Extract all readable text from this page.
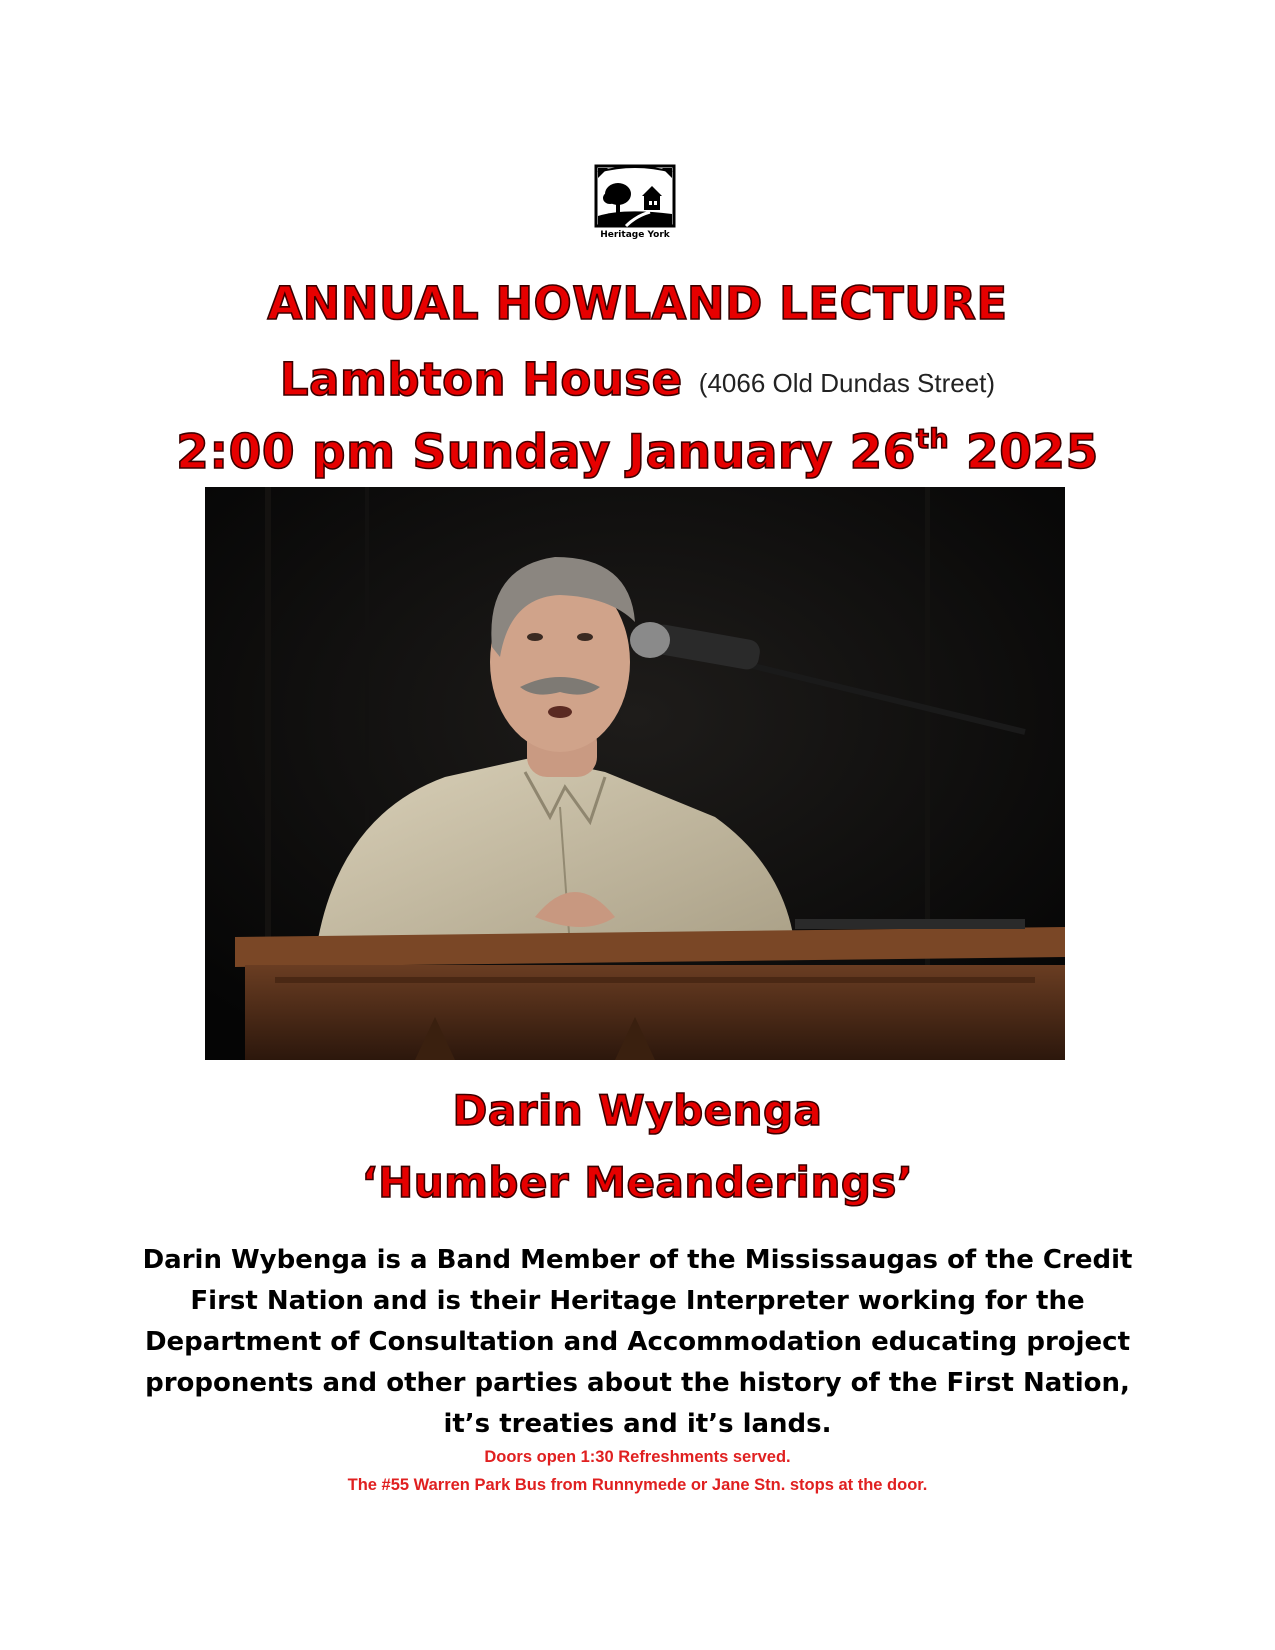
Heritage York
ANNUAL HOWLAND LECTURE
Lambton House (4066 Old Dundas Street)
2:00 pm Sunday January 26th 2025
Darin Wybenga
‘Humber Meanderings’
Darin Wybenga is a Band Member of the Mississaugas of the Credit First Nation and is their Heritage Interpreter working for the Department of Consultation and Accommodation educating project proponents and other parties about the history of the First Nation, it’s treaties and it’s lands.
Doors open 1:30 Refreshments served.
The #55 Warren Park Bus from Runnymede or Jane Stn. stops at the door.
